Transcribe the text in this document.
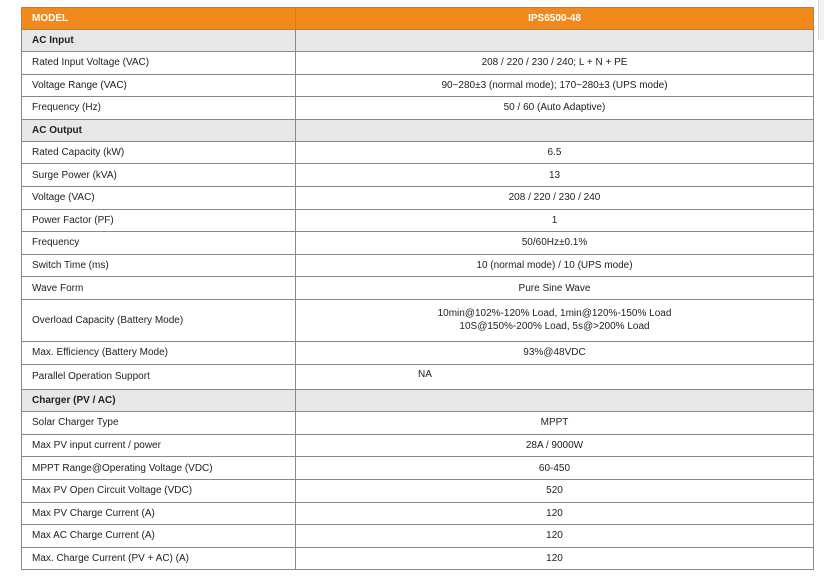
MODEL	IPS6500-48
AC Input	
Rated Input Voltage (VAC)	208 / 220 / 230 / 240; L + N + PE
Voltage Range (VAC)	90~280±3 (normal mode); 170~280±3 (UPS mode)
Frequency (Hz)	50 / 60 (Auto Adaptive)
AC Output	
Rated Capacity (kW)	6.5
Surge Power (kVA)	13
Voltage (VAC)	208 / 220 / 230 / 240
Power Factor (PF)	1
Frequency	50/60Hz±0.1%
Switch Time (ms)	10 (normal mode) / 10 (UPS mode)
Wave Form	Pure Sine Wave
Overload Capacity (Battery Mode)	10min@102%-120% Load, 1min@120%-150% Load
10S@150%-200% Load, 5s@>200% Load

Max. Efficiency (Battery Mode)	93%@48VDC
Parallel Operation Support	NA
Charger (PV / AC)	
Solar Charger Type	MPPT
Max PV input current / power	28A / 9000W
MPPT Range@Operating Voltage (VDC)	60-450
Max PV Open Circuit Voltage (VDC)	520
Max PV Charge Current (A)	120
Max AC Charge Current (A)	120
Max. Charge Current (PV + AC) (A)	120
